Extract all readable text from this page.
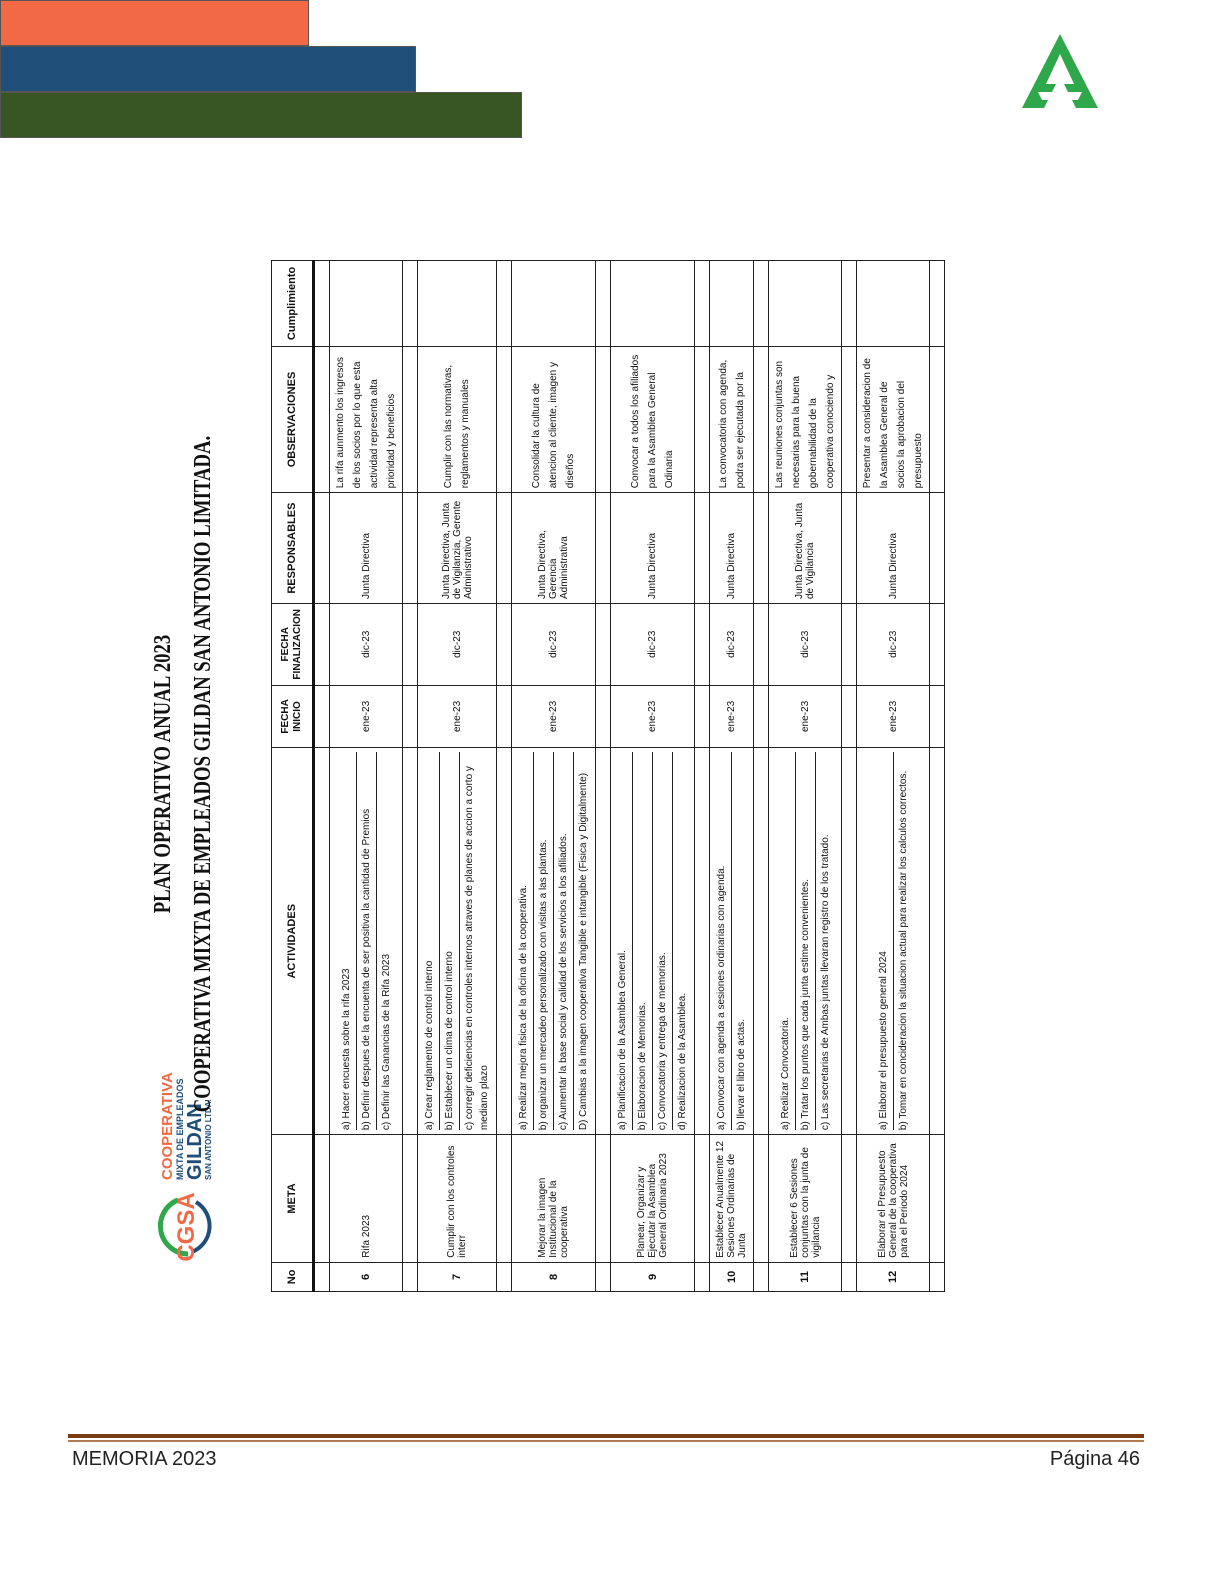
CGSA
COOPERATIVA MIXTA DE EMPLEADOS GILDAN
SAN ANTONIO LTDA.
PLAN OPERATIVO ANUAL 2023 COOPERATIVA MIXTA DE EMPLEADOS GILDAN SAN ANTONIO LIMITADA.
No	META	ACTIVIDADES	FECHA INICIO	FECHA FINALIZACION	RESPONSABLES	OBSERVACIONES	Cumplimiento

6	Rifa 2023	a) Hacer encuesta sobre la rifa 2023 b) Definir despues de la encuenta de ser positiva la cantidad de Premios c) Definir las Ganancias de la Rifa 2023	ene-23	dic-23	Junta Directiva	La rifa aunmento los ingresos de los socios por lo que esta actividad representa alta prioridad y beneficios	

7	Cumplir con los controles interr	a) Crear reglamento de control interno b) Establecer un clima de control interno c) corregir deficiencias en controles internos atraves de planes de accion a corto y mediano plazo	ene-23	dic-23	Junta Directiva, Junta de Vigilanzia, Gerente Administrativo	Cumplir con las normativas, reglamentos y manuales	

8	Mejorar la imagen Institucional de la cooperativa	a) Realizar mejora fisica de la oficina de la cooperativa. b) organizar un mercadeo personalizado con visitas a las plantas. c) Aumentar la base social y calidad de los servicios a los afiliados. D) Cambias a la imagen cooperativa Tangible e intangible (Fisica y Digitalmente)	ene-23	dic-23	Junta Directiva, Gerencia Administrativa	Consolidar la cultura de atencion al cliente, imagen y diseños	

9	Planear, Organizar y Ejecutar la Asamblea General Ordinaria 2023	a) Planificacion de la Asamblea General. b) Elaboracion de Memorias. c) Convocatoria y entrega de memorias. d) Realizacion de la Asamblea.	ene-23	dic-23	Junta Directiva	Convocar a todos los afiliados para la Asamblea General Odinaria	

10	Establecer Anualmente 12 Sesiones Ordinarias de Junta	a) Convocar con agenda a sesiones ordinarias con agenda. b) llevar el libro de actas.	ene-23	dic-23	Junta Directiva	La convocatoria con agenda, podra ser ejecutada por la	

11	Establecer 6 Sesiones conjuntas con la junta de vigilancia	a) Realizar Convocatoria. b) Tratar los puntos que cada junta estime convenientes. c) Las secretarias de Ambas juntas llevaran registro de los tratado.	ene-23	dic-23	Junta Directiva, Junta de Vigilancia	Las reuniones conjuntas son necesarias para la buena gobernabilidad de la cooperativa conociendo y	

12	Elaborar el Presupuesto General de la cooperativa para el Periodo 2024	a) Elaborar el presupuesto general 2024 b) Tomar en concideracion la situacion actual para realizar los calculos correctos.	ene-23	dic-23	Junta Directiva	Presentar a consideracion de la Asamblea General de socios la aprobacion del presupuesto	

MEMORIA 2023	Página 46
